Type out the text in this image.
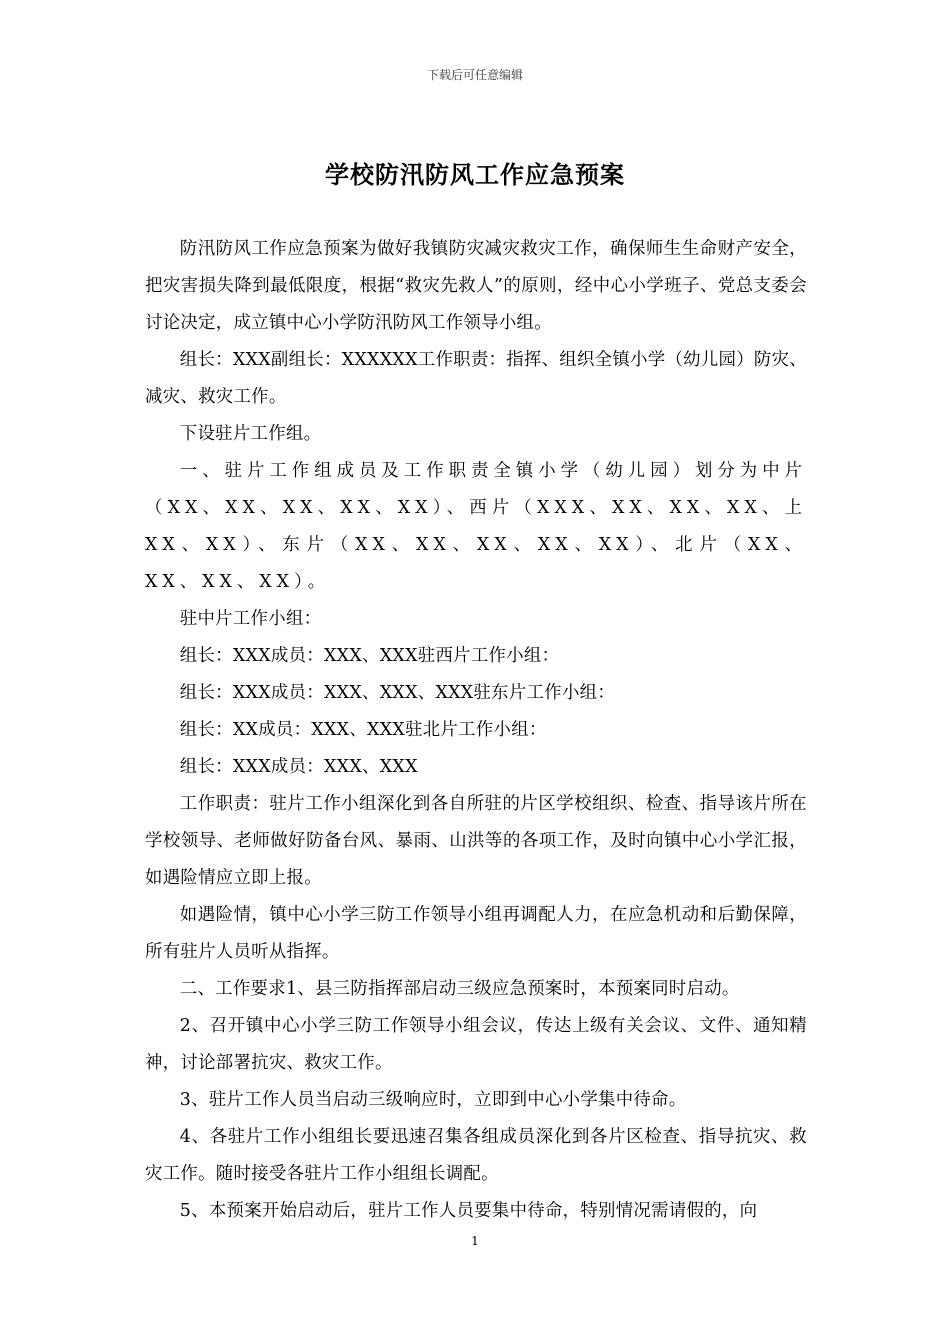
下载后可任意编辑
学校防汛防风工作应急预案

防汛防风工作应急预案为做好我镇防灾减灾救灾工作，确保师生生命财产安全，把灾害损失降到最低限度，根据“救灾先救人”的原则，经中心小学班子、党总支委会讨论决定，成立镇中心小学防汛防风工作领导小组。

组长：XXX副组长：XXXXXX工作职责：指挥、组织全镇小学（幼儿园）防灾、减灾、救灾工作。

下设驻片工作组。

一、驻片工作组成员及工作职责全镇小学（幼儿园）划分为中片（XX、XX、XX、XX、XX）、西片（XXX、XX、XX、XX、上XX、XX）、东片（XX、XX、XX、XX、XX）、北片（XX、XX、XX、XX）。

驻中片工作小组：

组长：XXX成员：XXX、XXX驻西片工作小组：

组长：XXX成员：XXX、XXX、XXX驻东片工作小组：

组长：XX成员：XXX、XXX驻北片工作小组：

组长：XXX成员：XXX、XXX

工作职责：驻片工作小组深化到各自所驻的片区学校组织、检查、指导该片所在学校领导、老师做好防备台风、暴雨、山洪等的各项工作，及时向镇中心小学汇报，如遇险情应立即上报。

如遇险情，镇中心小学三防工作领导小组再调配人力，在应急机动和后勤保障，所有驻片人员听从指挥。

二、工作要求1、县三防指挥部启动三级应急预案时，本预案同时启动。

2、召开镇中心小学三防工作领导小组会议，传达上级有关会议、文件、通知精神，讨论部署抗灾、救灾工作。

3、驻片工作人员当启动三级响应时，立即到中心小学集中待命。

4、各驻片工作小组组长要迅速召集各组成员深化到各片区检查、指导抗灾、救灾工作。随时接受各驻片工作小组组长调配。

5、本预案开始启动后，驻片工作人员要集中待命，特别情况需请假的，向

1
